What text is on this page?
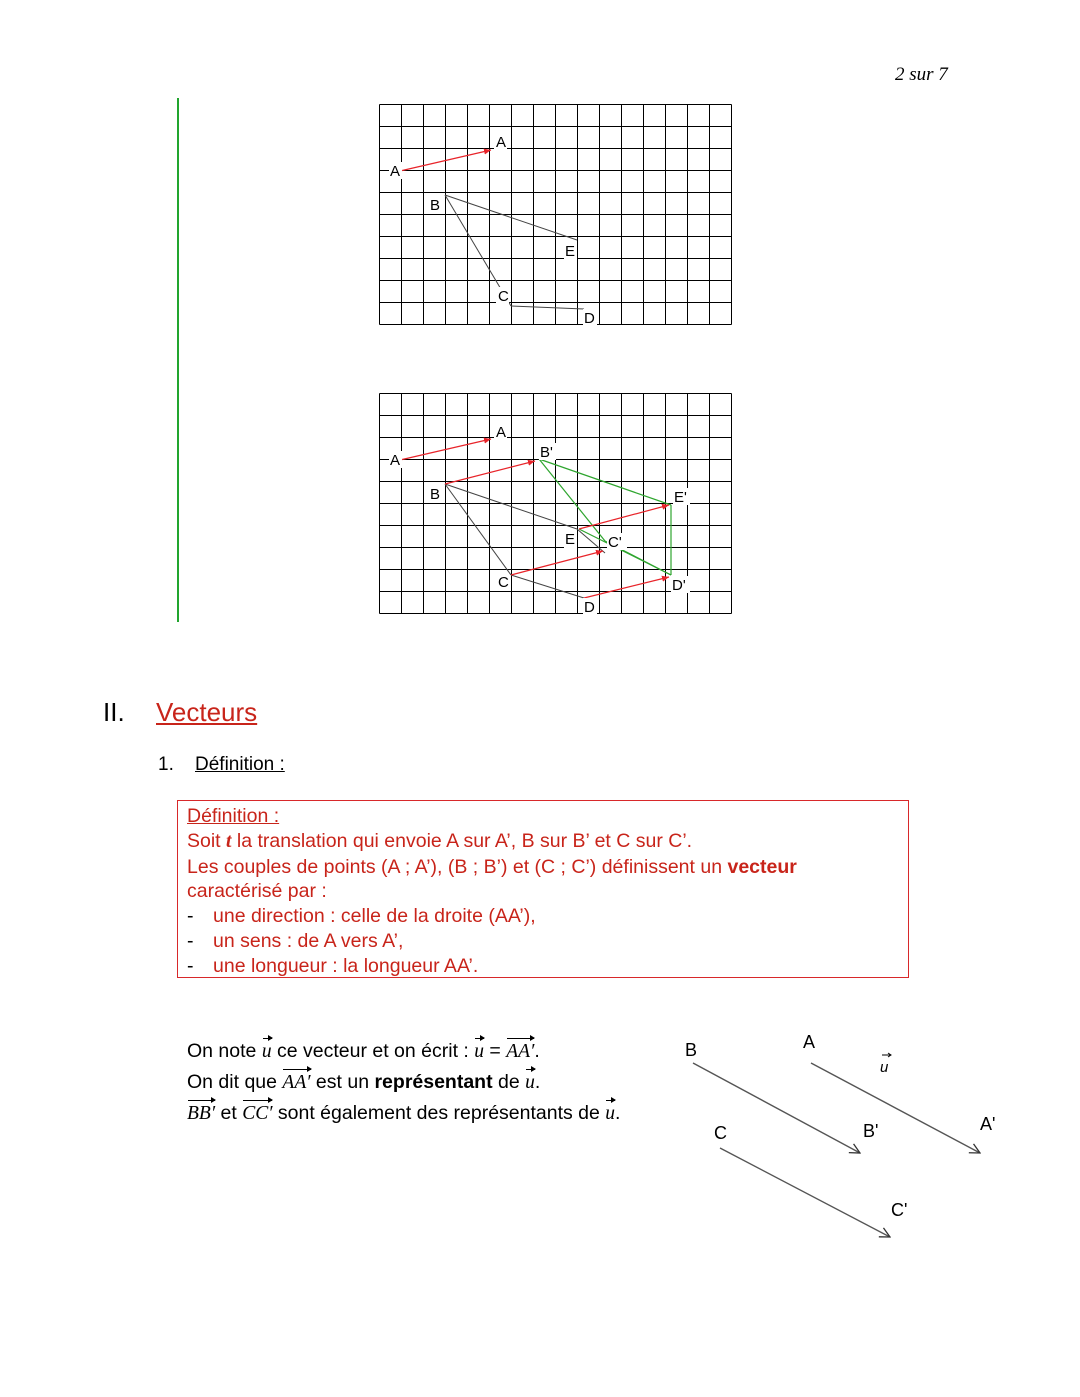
2 sur 7
A
A
B
C
D
E
A
A
B
B'
C
C'
D
D'
E
E'
II. Vecteurs
1. Définition :
Définition :
Soit t la translation qui envoie A sur A’, B sur B’ et C sur C’.
Les couples de points (A ; A’), (B ; B’) et (C ; C’) définissent un vecteur
caractérisé par :
- une direction : celle de la droite (AA’),
- un sens : de A vers A’,
- une longueur : la longueur AA’.
On note u ce vecteur et on écrit : u = AA′.
On dit que AA′ est un représentant de u.
BB′ et CC′ sont également des représentants de u.
B	A
C	B'	A'
C'
u
